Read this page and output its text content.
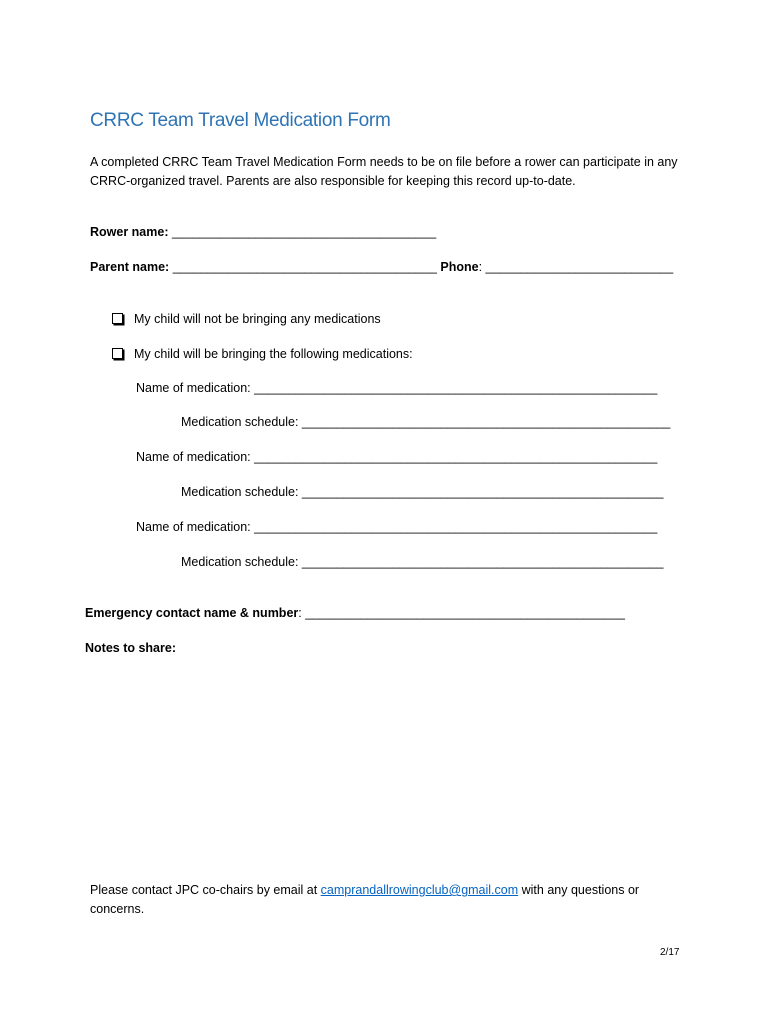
CRRC Team Travel Medication Form
A completed CRRC Team Travel Medication Form needs to be on file before a rower can participate in any CRRC-organized travel. Parents are also responsible for keeping this record up-to-date.
Rower name: ______________________________________
Parent name: ______________________________________ Phone: ___________________________
My child will not be bringing any medications
My child will be bringing the following medications:
Name of medication: __________________________________________________________
Medication schedule: _____________________________________________________
Name of medication: __________________________________________________________
Medication schedule: ____________________________________________________
Name of medication: __________________________________________________________
Medication schedule: ____________________________________________________
Emergency contact name & number: ______________________________________________
Notes to share:
Please contact JPC co-chairs by email at camprandallrowingclub@gmail.com with any questions or concerns.
2/17
